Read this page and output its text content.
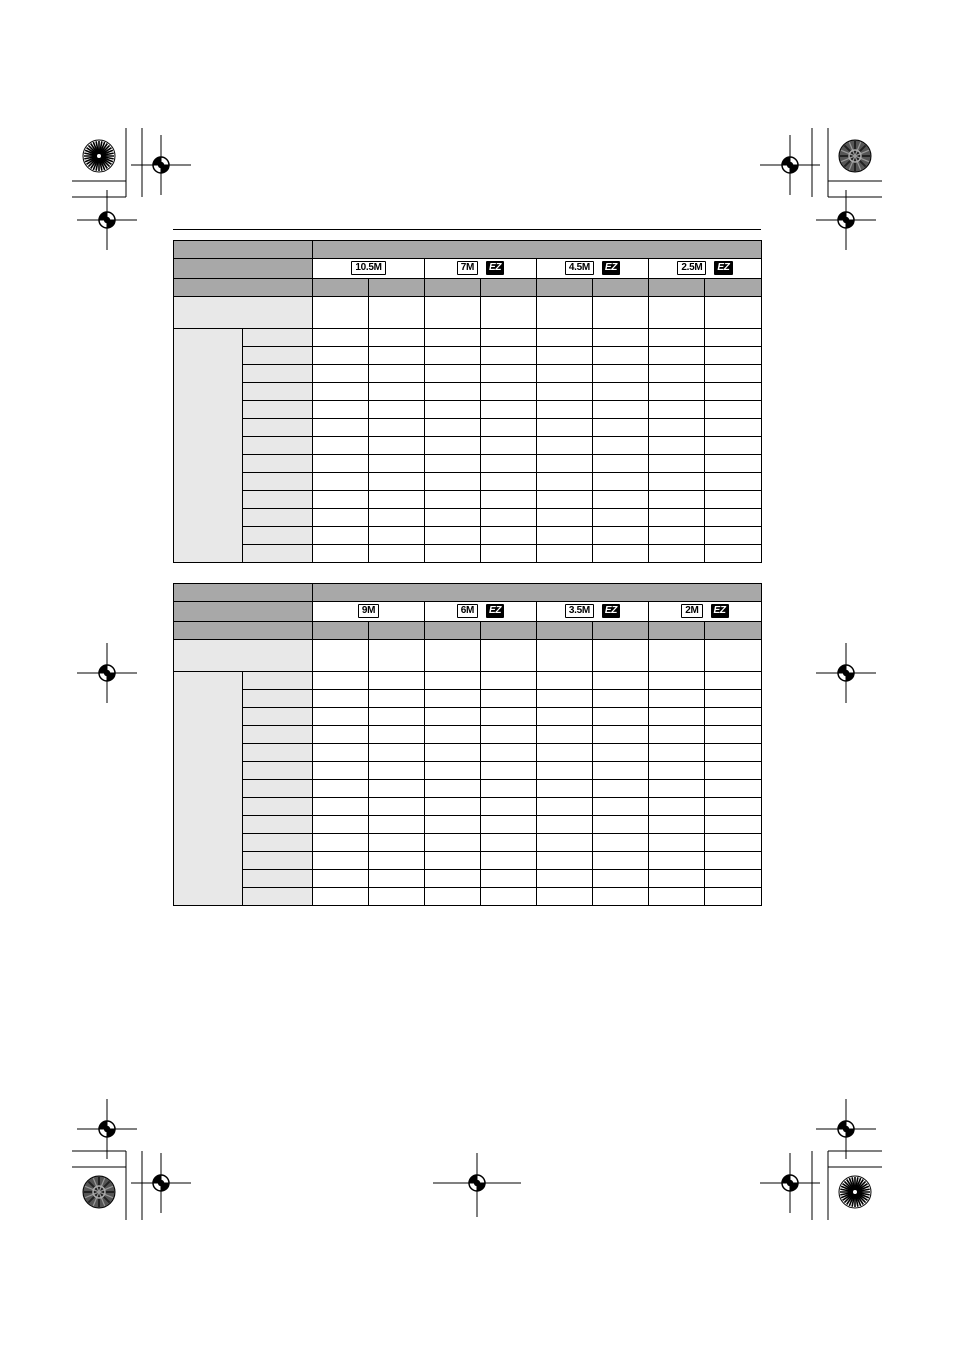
		10.5M		7M EZ		4.5M EZ		2.5M EZ	

		9M		6M EZ		3.5M EZ		2M EZ	
